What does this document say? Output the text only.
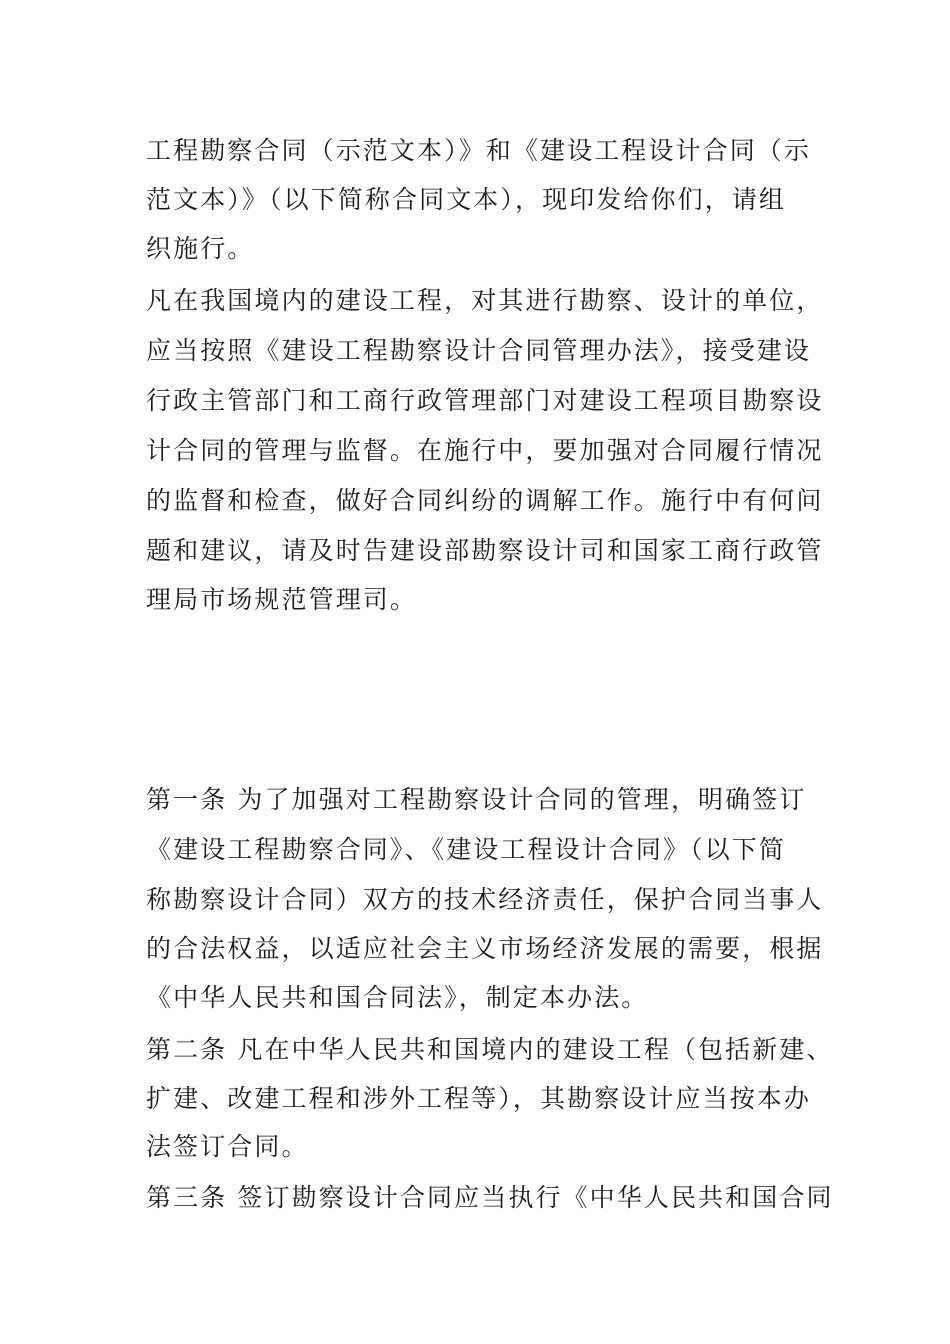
工程勘察合同（示范文本）》和《建设工程设计合同（示
范文本）》（以下简称合同文本），现印发给你们，请组
织施行。
凡在我国境内的建设工程，对其进行勘察、设计的单位，
应当按照《建设工程勘察设计合同管理办法》，接受建设
行政主管部门和工商行政管理部门对建设工程项目勘察设
计合同的管理与监督。在施行中，要加强对合同履行情况
的监督和检查，做好合同纠纷的调解工作。施行中有何问
题和建议，请及时告建设部勘察设计司和国家工商行政管
理局市场规范管理司。
第一条 为了加强对工程勘察设计合同的管理，明确签订
《建设工程勘察合同》、《建设工程设计合同》（以下简
称勘察设计合同）双方的技术经济责任，保护合同当事人
的合法权益，以适应社会主义市场经济发展的需要，根据
《中华人民共和国合同法》，制定本办法。
第二条 凡在中华人民共和国境内的建设工程（包括新建、
扩建、改建工程和涉外工程等），其勘察设计应当按本办
法签订合同。
第三条 签订勘察设计合同应当执行《中华人民共和国合同
